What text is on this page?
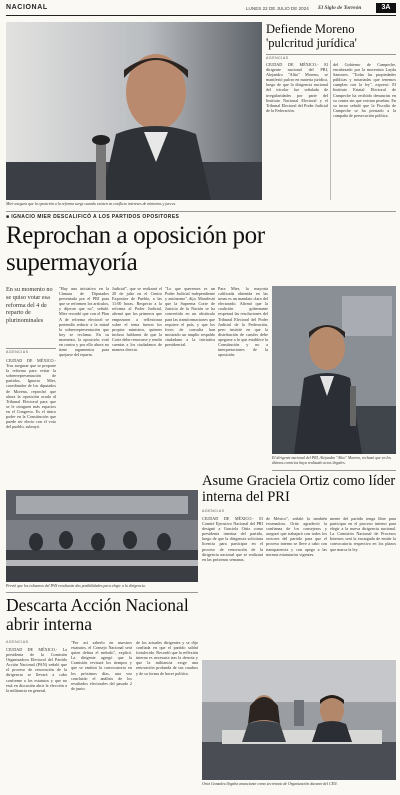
NACIONAL	LUNES 22 DE JULIO DE 2024	El Siglo de Torreón	3A
Mier asegura que la oposición a la reforma surge cuando existen en conflicto intereses de ministros y jueces.
Defiende Moreno 'pulcritud jurídica'
AGENCIAS
CIUDAD DE MÉXICO.- El dirigente nacional del PRI, Alejandro "Alito" Moreno, se manifestó pulcro en materia jurídica, luego de que la dirigencia nacional del tricolor fue señalada de irregularidades por parte del Instituto Nacional Electoral y el Tribunal Electoral del Poder Judicial de la Federación.
del Gobierno de Campeche, encabezado por la morenista Layda Sansores. "Todas las propiedades públicas y notariadas que tenemos cumplen con la ley", expresó. El Instituto Estatal Electoral de Campeche ha recibido denuncias en su contra sin que existan pruebas. En su turno señaló que la Fiscalía de Campeche se ha prestado a la campaña de persecución política.
■ IGNACIO MIER DESCALIFICÓ A LOS PARTIDOS OPOSITORES
Reprochan a oposición por supermayoría
En su momento no se quiso votar esa reforma del 4 de reparto de plurinominales
AGENCIAS
CIUDAD DE MÉXICO.- Tras asegurar que se propone la reforma para evitar la sobrerrepresentación de partidos, Ignacio Mier, coordinador de los diputados de Morena, reprochó que ahora la oposición acuda al Tribunal Electoral para que se le otorguen más espacios en el Congreso. Es el único poder en la Constitución que puede ser electo con el voto del pueblo, subrayó.
"Hay una iniciativa en la Cámara de Diputados presentada por el PRI para que se reformen los artículos, y dijeron que no", señaló. Mier recordó que con el Plan A de reforma electoral se pretendía reducir a la mitad la sobrerrepresentación que hoy se reclama. En su momento, la oposición votó en contra y por ello ahora no tiene argumentos para quejarse del reparto.
Judicial", que se realizará el 20 de julio en el Centro Expositor de Puebla, a las 11:00 horas. Respecto a la reforma al Poder Judicial, afirmó que los primeros que empezaron a reflexionar sobre el tema fueron los propios ministros, quienes incluso hablaron de que la Corte debe renovarse y rendir cuentas a los ciudadanos de manera directa.
"Lo que queremos es un Poder Judicial independiente y autónomo", dijo. Manifestó que la Suprema Corte de Justicia de la Nación se ha convertido en un obstáculo para las transformaciones que requiere el país, y que los foros de consulta han mostrado un amplio respaldo ciudadano a la iniciativa presidencial.
Para Mier, la mayoría calificada obtenida en las urnas es un mandato claro del electorado. Afirmó que la coalición gobernante respetará las resoluciones del Tribunal Electoral del Poder Judicial de la Federación, pero insistió en que la distribución de curules debe apegarse a lo que establece la Constitución y no a interpretaciones de la oposición.
El dirigente nacional del PRI, Alejandro "Alito" Moreno, rechazó que en los últimos comicios haya realizado actos ilegales.
Asume Graciela Ortiz como líder interna del PRI
AGENCIAS
CIUDAD DE MÉXICO.- El Comité Ejecutivo Nacional del PRI designó a Graciela Ortiz como presidenta interina del partido, luego de que la dirigencia solicitara licencia para participar en el proceso de renovación de la dirigencia nacional que se realizará en las próximas semanas.
de México", señaló la también exsenadora. Ortiz agradeció la confianza de los consejeros y aseguró que trabajará con todos los sectores del partido para que el proceso interno se lleve a cabo con transparencia y con apego a las normas estatutarias vigentes.
mente del partido tenga libre para participar en el proceso interno para elegir a la nueva dirigencia nacional. La Comisión Nacional de Procesos Internos será la encargada de emitir la convocatoria respectiva en los plazos que marca la ley.
Previó que los exbuenos del PAN resultarán dos posibilidades para elegir a la dirigencia.
Descarta Acción Nacional abrir interna
AGENCIAS
CIUDAD DE MÉXICO.- La presidenta de la Comisión Organizadora Electoral del Partido Acción Nacional (PAN) señaló que el proceso de renovación de la dirigencia se llevará a cabo conforme a los estatutos y que no está en discusión abrir la elección a la militancia en general.
"Por así saberlo en nuestros estatutos, el Consejo Nacional será quien defina el método", explicó. La dirigente agregó que la Comisión revisará los tiempos y que se emitirá la convocatoria en los próximos días, una vez concluido el análisis de los resultados electorales del pasado 2 de junio.
de los actuales dirigentes y se dijo confiada en que el partido saldrá fortalecido. Recordó que la reflexión interna es necesaria tras la derrota y que la militancia exige una renovación profunda de sus cuadros y de su forma de hacer política.
Ortiz Gonzalez llegaba anunciante como secretaria de Organización durante del CEN.
